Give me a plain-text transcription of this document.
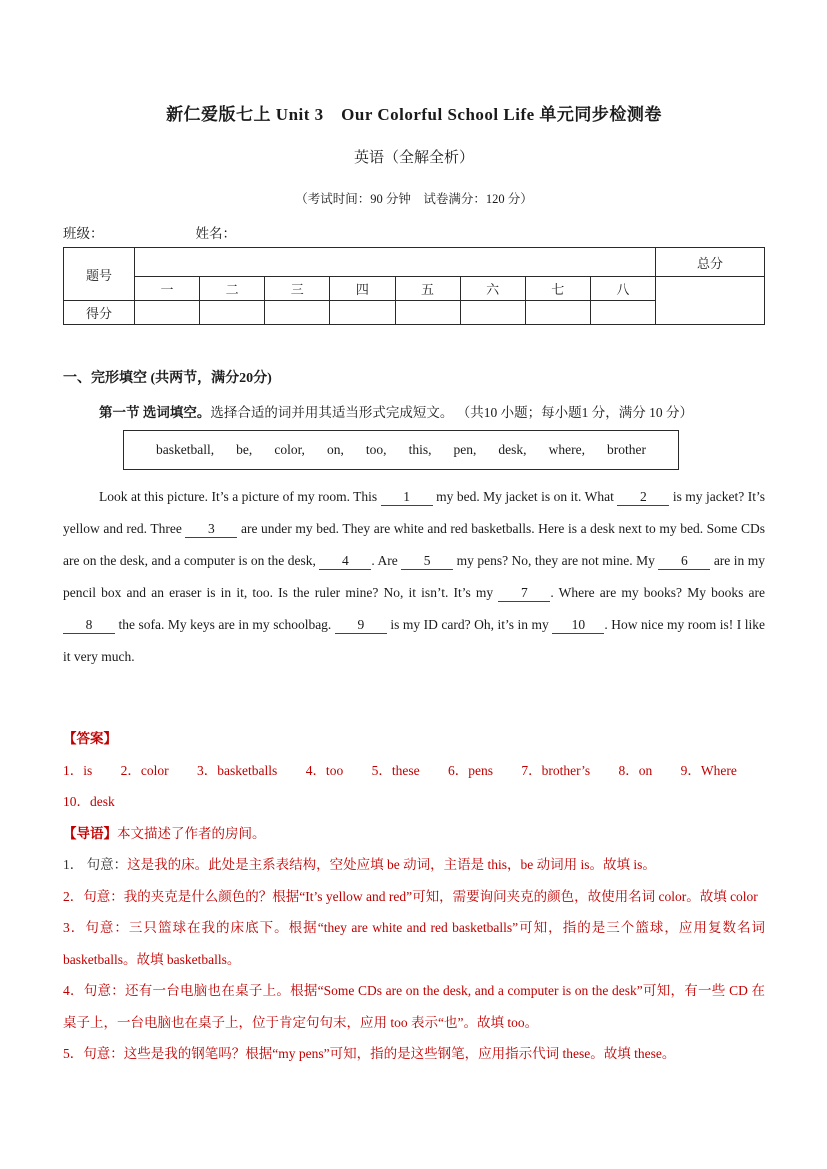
新仁爱版七上 Unit 3　Our Colorful School Life 单元同步检测卷
英语（全解全析）
（考试时间：90 分钟　试卷满分：120 分）
班级：	姓名：
题号									总分
	一	二	三	四	五	六	七	八	
得分									
一、完形填空 (共两节，满分20分)
第一节 选词填空。选择合适的词并用其适当形式完成短文。 （共10 小题；每小题1 分，满分 10 分）
basketball, be, color, on, too, this, pen, desk, where, brother
Look at this picture. It’s a picture of my room. This 1 my bed. My jacket is on it. What 2 is my jacket? It’s yellow and red. Three 3 are under my bed. They are white and red basketballs. Here is a desk next to my bed. Some CDs are on the desk, and a computer is on the desk, 4 . Are 5 my pens? No, they are not mine. My 6 are in my pencil box and an eraser is in it, too. Is the ruler mine? No, it isn’t. It’s my 7 . Where are my books? My books are 8 the sofa. My keys are in my schoolbag. 9 is my ID card? Oh, it’s in my 10 . How nice my room is! I like it very much.
【答案】
1．is 2．color 3．basketballs 4．too 5．these 6．pens 7．brother’s 8．on 9．Where
10．desk
【导语】本文描述了作者的房间。

1． 句意：这是我的床。此处是主系表结构，空处应填 be 动词，主语是 this，be 动词用 is。故填 is。

2．句意：我的夹克是什么颜色的？根据“It’s yellow and red”可知，需要询问夹克的颜色，故使用名词 color。故填 color

3．句意：三只篮球在我的床底下。根据“they are white and red basketballs”可知，指的是三个篮球，应用复数名词 basketballs。故填 basketballs。

4．句意：还有一台电脑也在桌子上。根据“Some CDs are on the desk, and a computer is on the desk”可知，有一些 CD 在桌子上，一台电脑也在桌子上，位于肯定句句末，应用 too 表示“也”。故填 too。

5．句意：这些是我的钢笔吗？根据“my pens”可知，指的是这些钢笔，应用指示代词 these。故填 these。
